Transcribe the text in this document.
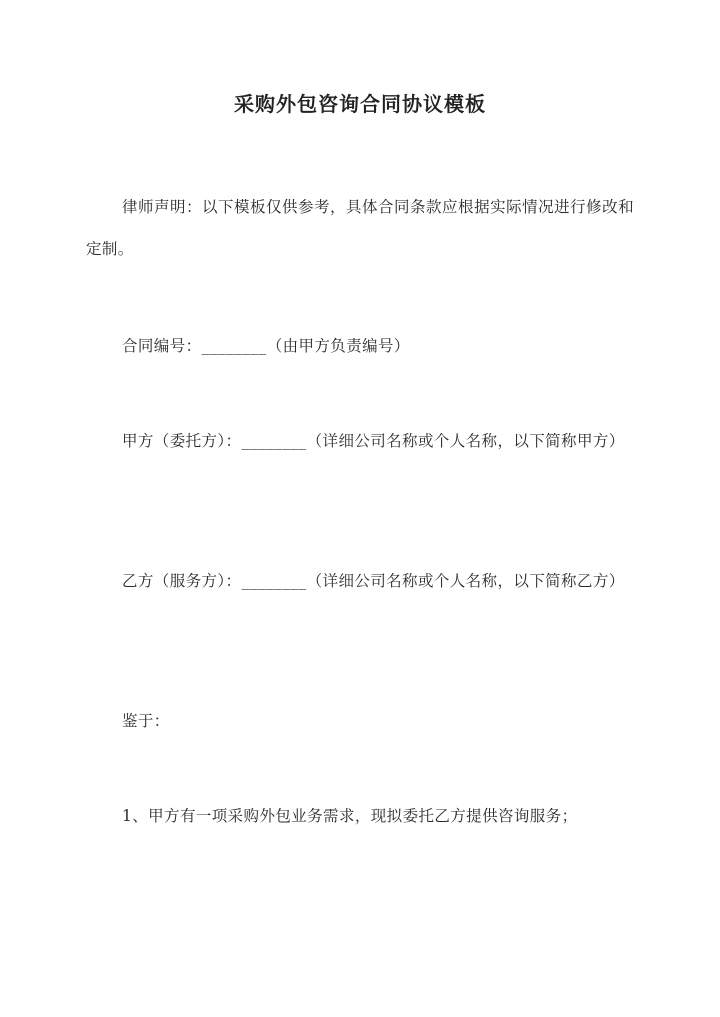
采购外包咨询合同协议模板

律师声明：以下模板仅供参考，具体合同条款应根据实际情况进行修改和定制。

合同编号：________（由甲方负责编号）

甲方（委托方）：________（详细公司名称或个人名称，以下简称甲方）

乙方（服务方）：________（详细公司名称或个人名称，以下简称乙方）

鉴于：

1、甲方有一项采购外包业务需求，现拟委托乙方提供咨询服务；
